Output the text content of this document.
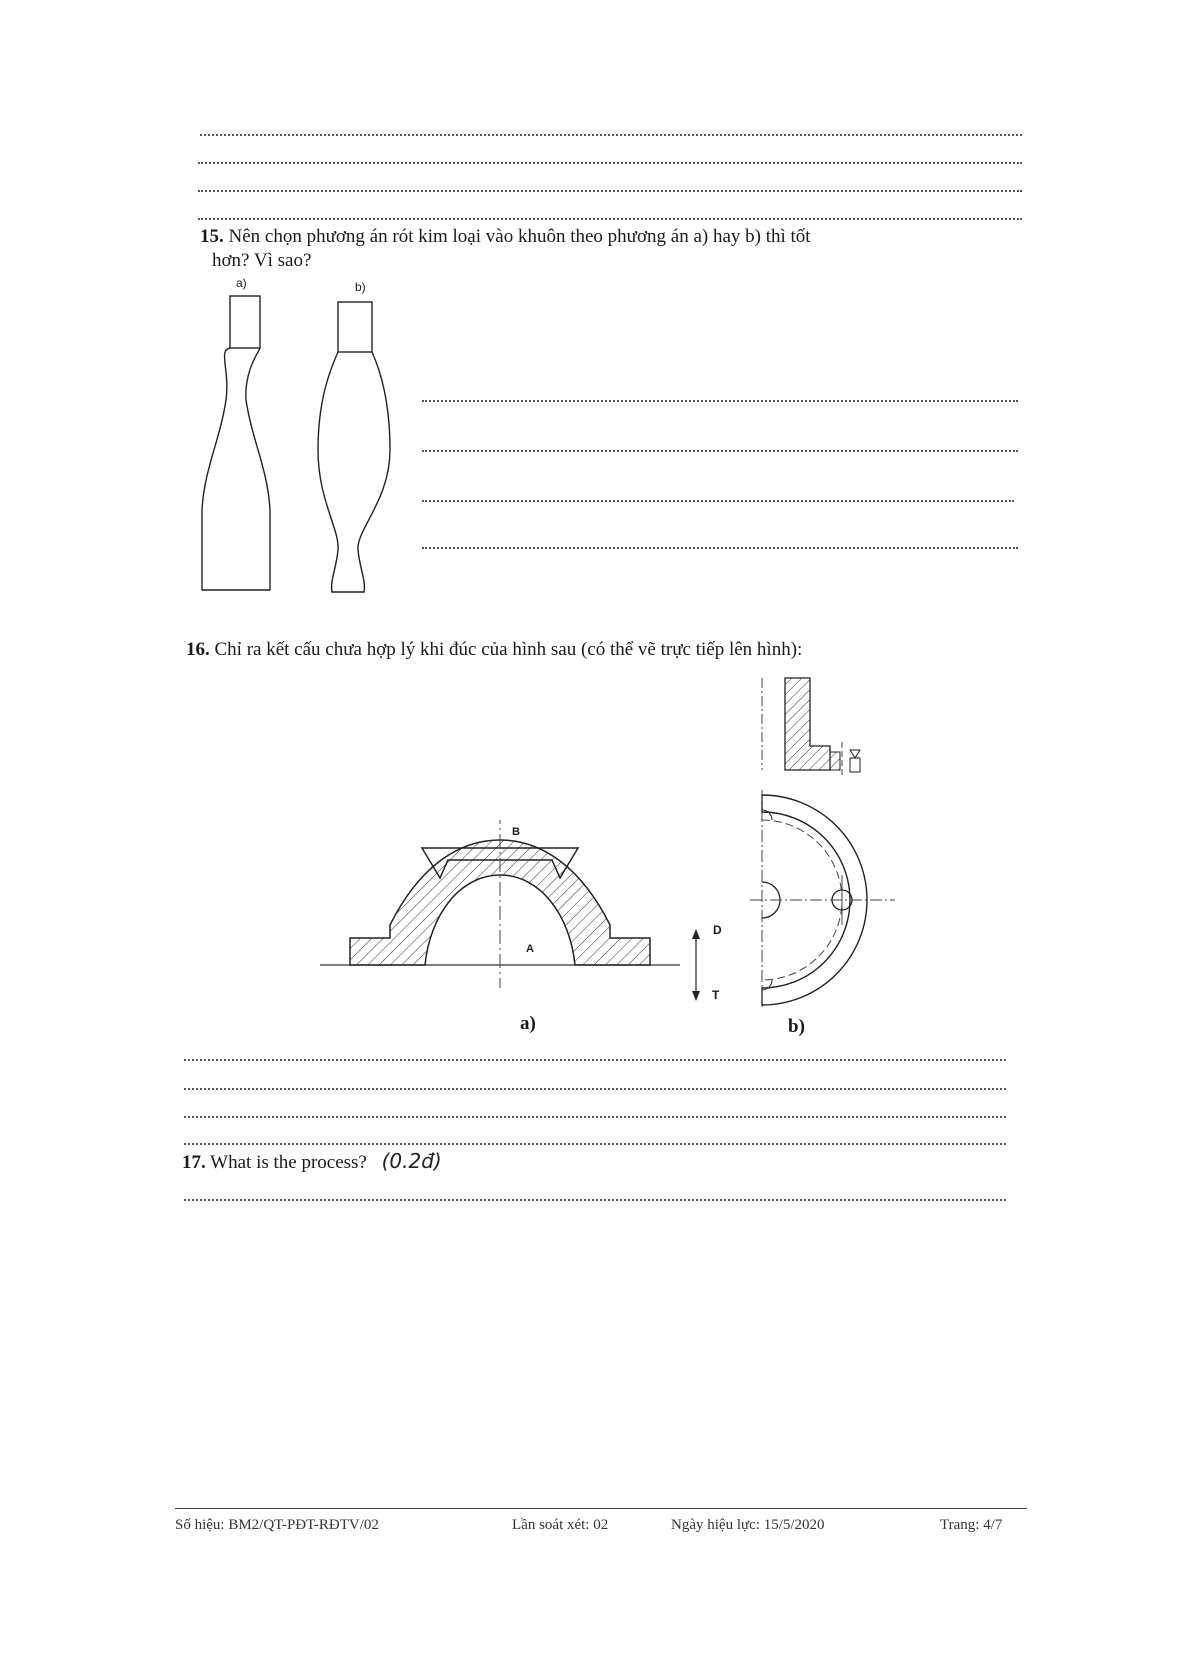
15. Nên chọn phương án rót kim loại vào khuôn theo phương án a) hay b) thì tốt
hơn? Vì sao?
a)	b)
16. Chỉ ra kết cấu chưa hợp lý khi đúc của hình sau (có thể vẽ trực tiếp lên hình):
B
A
D
T
a)	b)
17. What is the process? (0.2đ)
Số hiệu: BM2/QT-PĐT-RĐTV/02	Lần soát xét: 02	Ngày hiệu lực: 15/5/2020	Trang: 4/7
